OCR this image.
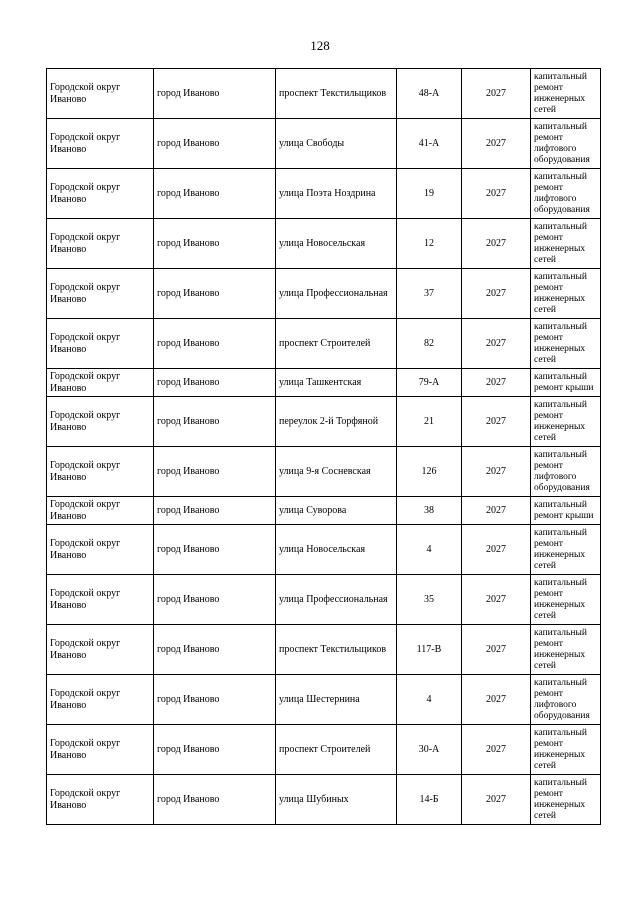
128
Городской округ Иваново	город Иваново	проспект Текстильщиков	48-А	2027	капитальный ремонт инженерных сетей
Городской округ Иваново	город Иваново	улица Свободы	41-А	2027	капитальный ремонт лифтового оборудования
Городской округ Иваново	город Иваново	улица Поэта Ноздрина	19	2027	капитальный ремонт лифтового оборудования
Городской округ Иваново	город Иваново	улица Новосельская	12	2027	капитальный ремонт инженерных сетей
Городской округ Иваново	город Иваново	улица Профессиональная	37	2027	капитальный ремонт инженерных сетей
Городской округ Иваново	город Иваново	проспект Строителей	82	2027	капитальный ремонт инженерных сетей
Городской округ Иваново	город Иваново	улица Ташкентская	79-А	2027	капитальный ремонт крыши
Городской округ Иваново	город Иваново	переулок 2-й Торфяной	21	2027	капитальный ремонт инженерных сетей
Городской округ Иваново	город Иваново	улица 9-я Сосневская	126	2027	капитальный ремонт лифтового оборудования
Городской округ Иваново	город Иваново	улица Суворова	38	2027	капитальный ремонт крыши
Городской округ Иваново	город Иваново	улица Новосельская	4	2027	капитальный ремонт инженерных сетей
Городской округ Иваново	город Иваново	улица Профессиональная	35	2027	капитальный ремонт инженерных сетей
Городской округ Иваново	город Иваново	проспект Текстильщиков	117-В	2027	капитальный ремонт инженерных сетей
Городской округ Иваново	город Иваново	улица Шестернина	4	2027	капитальный ремонт лифтового оборудования
Городской округ Иваново	город Иваново	проспект Строителей	30-А	2027	капитальный ремонт инженерных сетей
Городской округ Иваново	город Иваново	улица Шубиных	14-Б	2027	капитальный ремонт инженерных сетей
